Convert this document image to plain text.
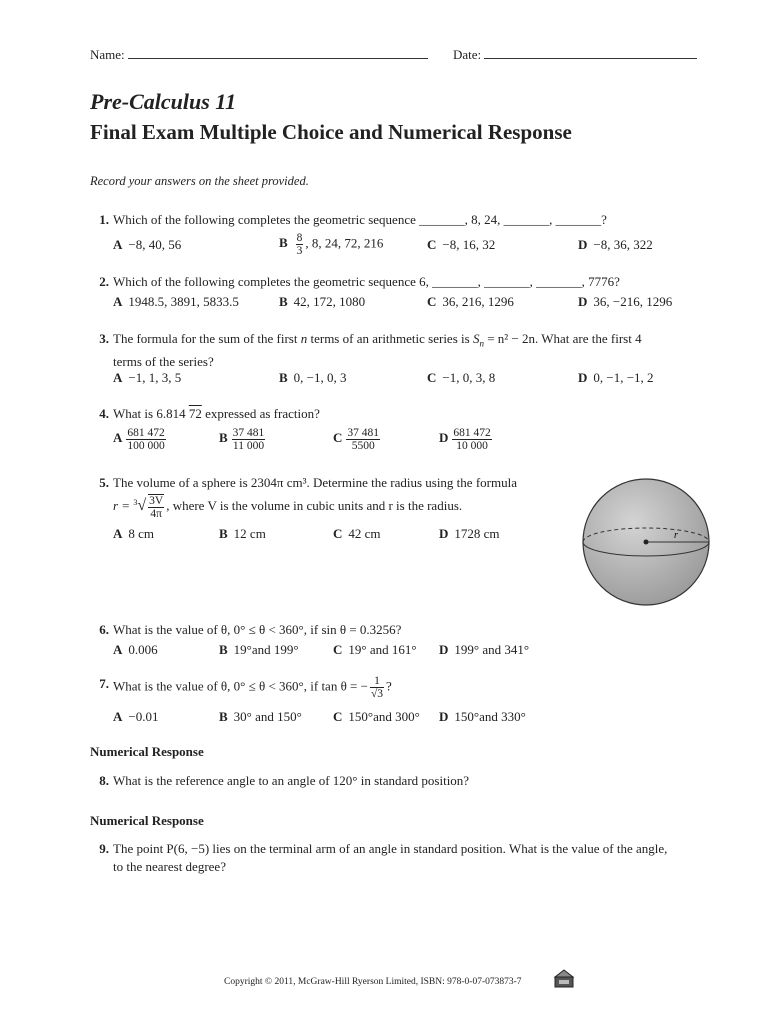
Name:	Date:
Pre-Calculus 11
Final Exam Multiple Choice and Numerical Response
Record your answers on the sheet provided.
1. Which of the following completes the geometric sequence _______, 8, 24, _______, _______?
A −8, 40, 56	B $\frac{8}{3}$ , 8, 24, 72, 216	C −8, 16, 32	D −8, 36, 322
2. Which of the following completes the geometric sequence 6, _______, _______, _______, 7776?
A 1948.5, 3891, 5833.5	B 42, 172, 1080	C 36, 216, 1296	D 36, −216, 1296
3. The formula for the sum of the first n terms of an arithmetic series is $S_n = n^2 - 2n$. What are the first 4
terms of the series?
A −1, 1, 3, 5	B 0, −1, 0, 3	C −1, 0, 3, 8	D 0, −1, −1, 2
4. What is 6.814 72 expressed as fraction?
A $\frac{681 472}{100 000}$	B $\frac{37 481}{11 000}$	C $\frac{37 481}{5500}$	D $\frac{681 472}{10 000}$
5. The volume of a sphere is 2304π cm³. Determine the radius using the formula
$r = ^3√ \frac{3V}{4\pi}$ , where V is the volume in cubic units and r is the radius.
A 8 cm	B 12 cm	C 42 cm	D 1728 cm	r
6. What is the value of θ, 0° ≤ θ < 360°, if sin θ = 0.3256?
A 0.006	B 19°and 199°	C 19° and 161° D 199° and 341°
7. What is the value of θ, 0° ≤ θ < 360°, if tan θ = − $\frac{1}{√3}$ ?
A −0.01	B 30° and 150° C 150°and 300° D 150°and 330°
Numerical Response
8. What is the reference angle to an angle of 120° in standard position?
Numerical Response
9. The point P(6, −5) lies on the terminal arm of an angle in standard position. What is the value of the angle,
to the nearest degree?
Copyright © 2011, McGraw-Hill Ryerson Limited, ISBN: 978-0-07-073873-7
